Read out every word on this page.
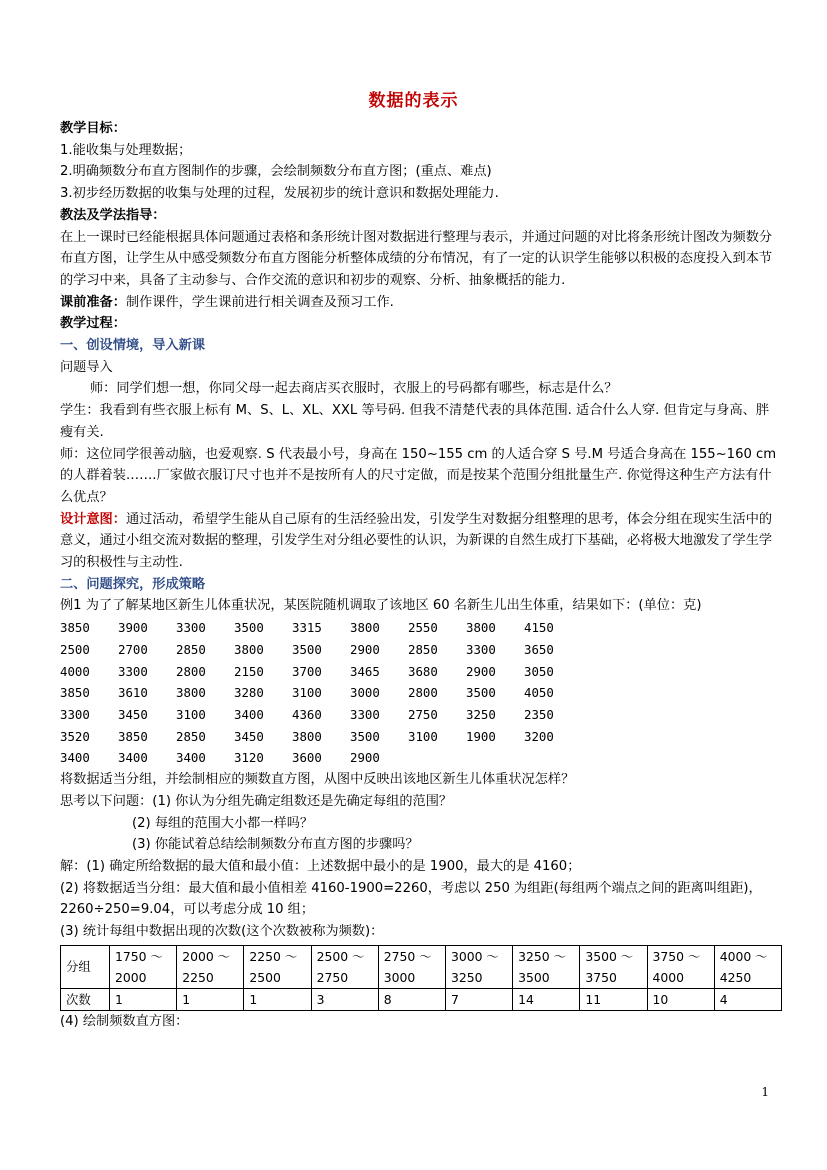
数据的表示

教学目标：

1.能收集与处理数据；

2.明确频数分布直方图制作的步骤，会绘制频数分布直方图；(重点、难点)

3.初步经历数据的收集与处理的过程，发展初步的统计意识和数据处理能力.

教法及学法指导：

在上一课时已经能根据具体问题通过表格和条形统计图对数据进行整理与表示，并通过问题的对比将条形统计图改为频数分布直方图，让学生从中感受频数分布直方图能分析整体成绩的分布情况，有了一定的认识学生能够以积极的态度投入到本节的学习中来，具备了主动参与、合作交流的意识和初步的观察、分析、抽象概括的能力.

课前准备：制作课件，学生课前进行相关调查及预习工作.

教学过程：

一、创设情境，导入新课

问题导入

师：同学们想一想，你同父母一起去商店买衣服时，衣服上的号码都有哪些，标志是什么？

学生：我看到有些衣服上标有 M、S、L、XL、XXL 等号码. 但我不清楚代表的具体范围. 适合什么人穿. 但肯定与身高、胖瘦有关.

师：这位同学很善动脑，也爱观察. S 代表最小号，身高在 150~155 cm 的人适合穿 S 号.M 号适合身高在 155~160 cm 的人群着装…….厂家做衣服订尺寸也并不是按所有人的尺寸定做，而是按某个范围分组批量生产. 你觉得这种生产方法有什么优点？

设计意图：通过活动，希望学生能从自己原有的生活经验出发，引发学生对数据分组整理的思考，体会分组在现实生活中的意义，通过小组交流对数据的整理，引发学生对分组必要性的认识，为新课的自然生成打下基础，必将极大地激发了学生学习的积极性与主动性.

二、问题探究，形成策略

例1 为了了解某地区新生儿体重状况，某医院随机调取了该地区 60 名新生儿出生体重，结果如下：(单位：克)

3850	3900	3300	3500	3315	3800	2550	3800	4150
2500	2700	2850	3800	3500	2900	2850	3300	3650
4000	3300	2800	2150	3700	3465	3680	2900	3050
3850	3610	3800	3280	3100	3000	2800	3500	4050
3300	3450	3100	3400	4360	3300	2750	3250	2350
3520	3850	2850	3450	3800	3500	3100	1900	3200
3400	3400	3400	3120	3600	2900

将数据适当分组，并绘制相应的频数直方图，从图中反映出该地区新生儿体重状况怎样？

思考以下问题：(1) 你认为分组先确定组数还是先确定每组的范围？

(2) 每组的范围大小都一样吗？

(3) 你能试着总结绘制频数分布直方图的步骤吗？

解：(1) 确定所给数据的最大值和最小值：上述数据中最小的是 1900，最大的是 4160；

(2) 将数据适当分组：最大值和最小值相差 4160-1900=2260，考虑以 250 为组距(每组两个端点之间的距离叫组距)，2260÷250=9.04，可以考虑分成 10 组；

(3) 统计每组中数据出现的次数(这个次数被称为频数)：

分组	1750 ～ 2000	2000 ～ 2250	2250 ～ 2500	2500 ～ 2750	2750 ～ 3000	3000 ～ 3250	3250 ～ 3500	3500 ～ 3750	3750 ～ 4000	4000 ～ 4250
次数	1	1	1	3	8	7	14	11	10	4

(4) 绘制频数直方图：

1
